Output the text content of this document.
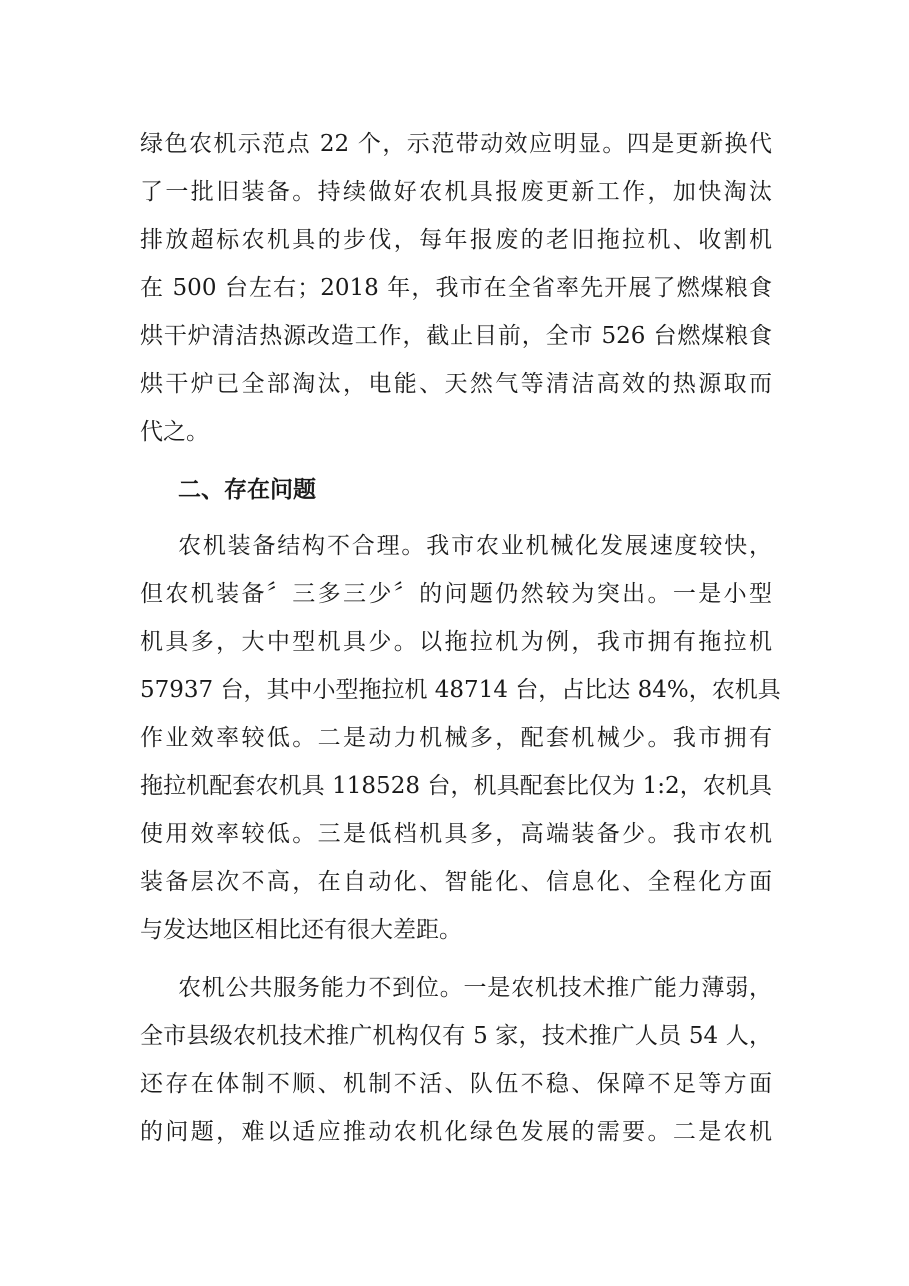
绿色农机示范点 22 个，示范带动效应明显。四是更新换代
了一批旧装备。持续做好农机具报废更新工作，加快淘汰
排放超标农机具的步伐，每年报废的老旧拖拉机、收割机
在 500 台左右；2018 年，我市在全省率先开展了燃煤粮食
烘干炉清洁热源改造工作，截止目前，全市 526 台燃煤粮食
烘干炉已全部淘汰，电能、天然气等清洁高效的热源取而
代之。
二、存在问题
农机装备结构不合理。我市农业机械化发展速度较快，
但农机装备〞三多三少〞的问题仍然较为突出。一是小型
机具多，大中型机具少。以拖拉机为例，我市拥有拖拉机
57937 台，其中小型拖拉机 48714 台，占比达 84%，农机具
作业效率较低。二是动力机械多，配套机械少。我市拥有
拖拉机配套农机具 118528 台，机具配套比仅为 1:2，农机具
使用效率较低。三是低档机具多，高端装备少。我市农机
装备层次不高，在自动化、智能化、信息化、全程化方面
与发达地区相比还有很大差距。
农机公共服务能力不到位。一是农机技术推广能力薄弱，
全市县级农机技术推广机构仅有 5 家，技术推广人员 54 人，
还存在体制不顺、机制不活、队伍不稳、保障不足等方面
的问题，难以适应推动农机化绿色发展的需要。二是农机
